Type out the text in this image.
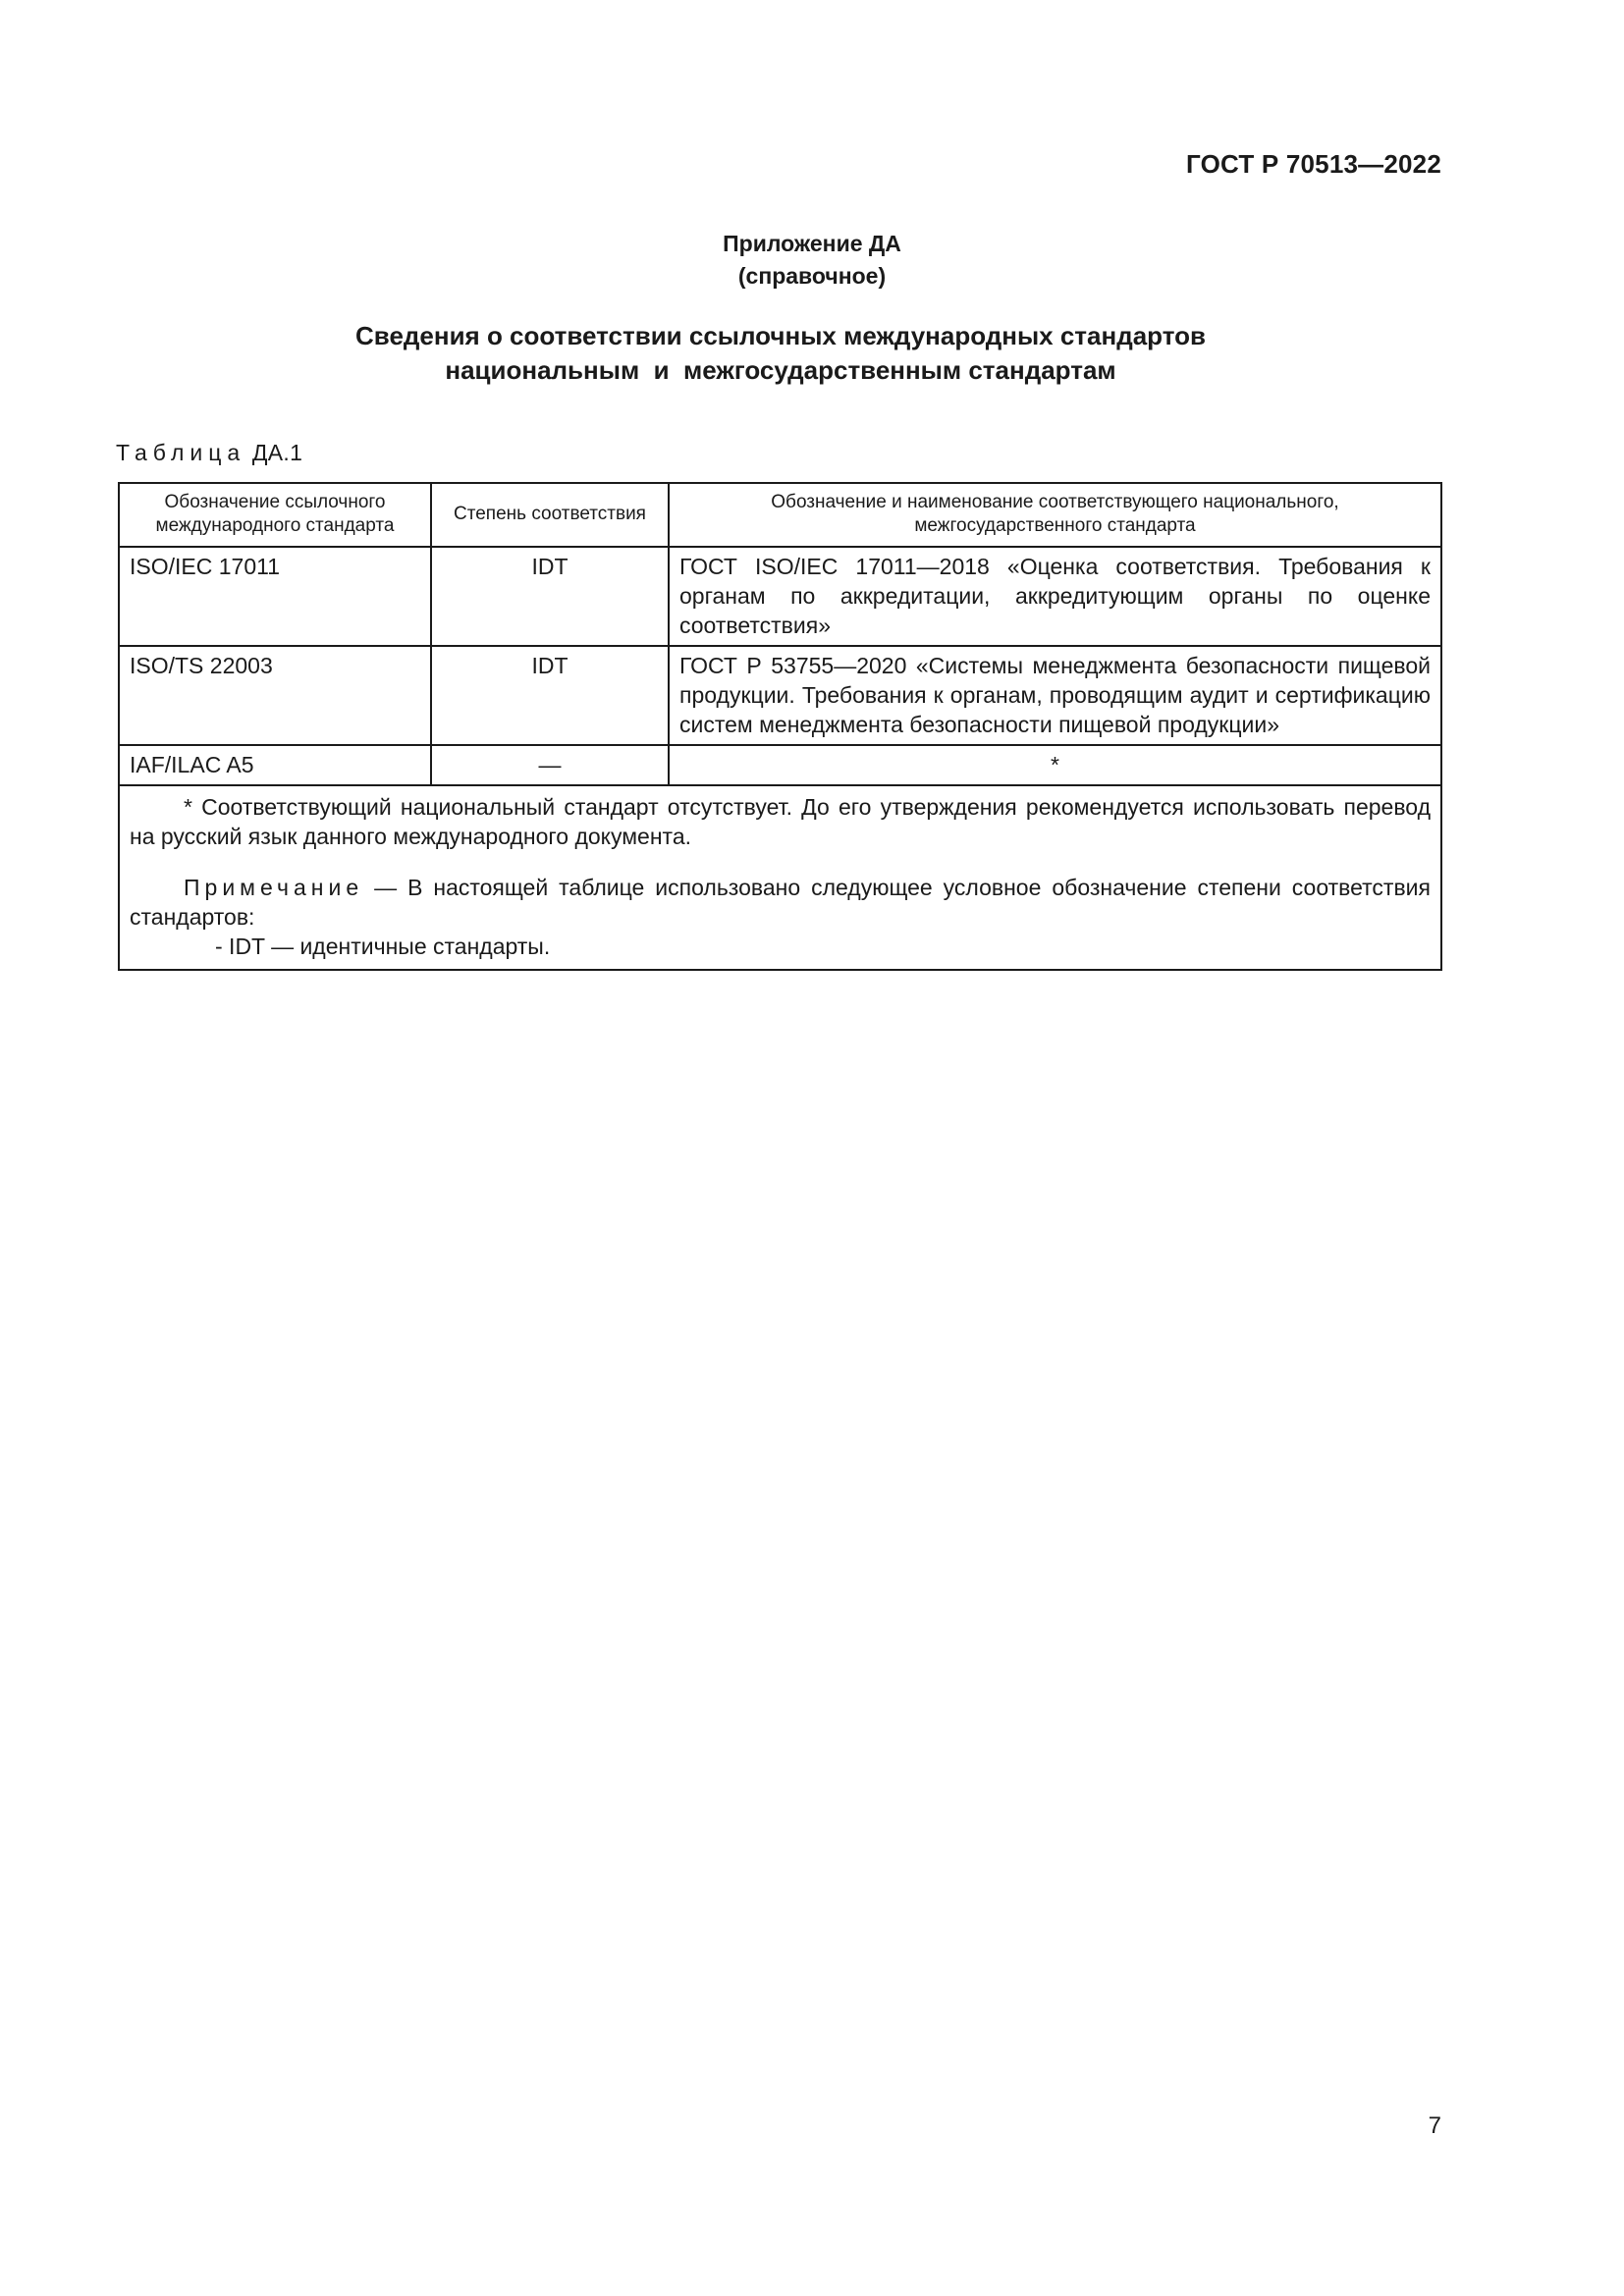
ГОСТ Р 70513—2022
Приложение ДА
(справочное)
Сведения о соответствии ссылочных международных стандартов
национальным  и  межгосударственным стандартам
Таблица ДА.1
Обозначение ссылочного международного стандарта	Степень соответствия	Обозначение и наименование соответствующего национального, межгосударственного стандарта
ISO/IEC 17011	IDT	ГОСТ ISO/IEC 17011—2018 «Оценка соответствия. Требования к органам по аккредитации, аккредитующим органы по оценке соответствия»
ISO/TS 22003	IDT	ГОСТ Р 53755—2020 «Системы менеджмента безопасности пищевой продукции. Требования к органам, проводящим аудит и сертификацию систем менеджмента безопасности пищевой продукции»
IAF/ILAC A5	—	*

* Соответствующий национальный стандарт отсутствует. До его утверждения рекомендуется использовать перевод на русский язык данного международного документа.

Примечание — В настоящей таблице использовано следующее условное обозначение степени соответствия стандартов:

- IDT — идентичные стандарты.		

7
